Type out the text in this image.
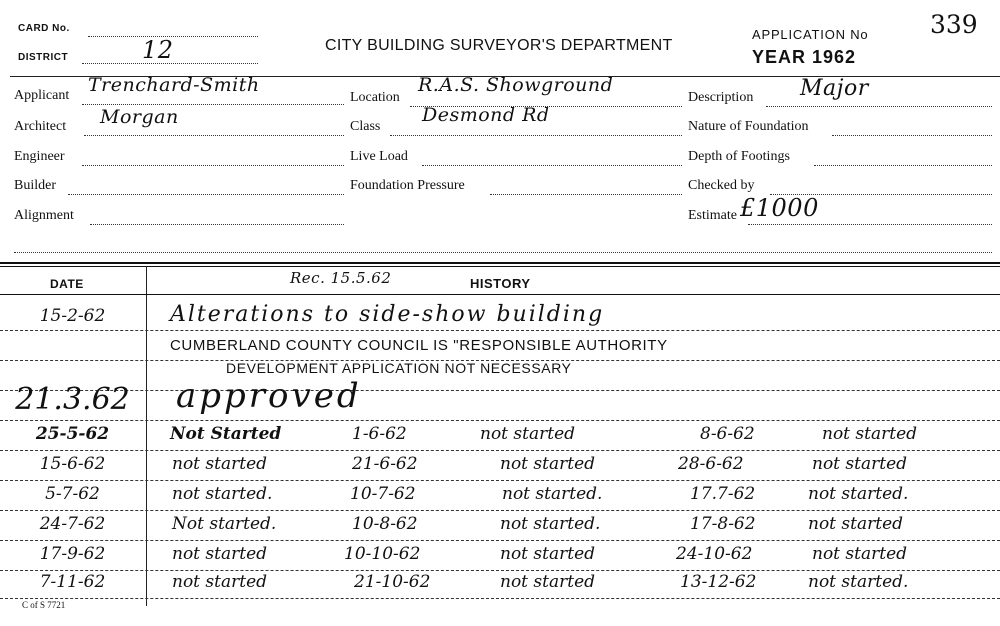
CARD No.
DISTRICT	12	CITY BUILDING SURVEYOR'S DEPARTMENT
APPLICATION No
YEAR 1962
339
Applicant Trenchard-Smith
Architect Morgan
Engineer
Builder
Alignment
Location
R.A.S. Showground
Class
Desmond Rd
Live Load
Foundation Pressure
Description Major
Nature of Foundation
Depth of Footings
Checked by
Estimate £1000
DATE	Rec. 15.5.62	HISTORY
15-2-62	Alterations to side-show building
CUMBERLAND COUNTY COUNCIL IS "RESPONSIBLE AUTHORITY
DEVELOPMENT APPLICATION NOT NECESSARY
21.3.62	approved
25-5-62	Not Started	1-6-62	not started	8-6-62	not started
15-6-62	not started	21-6-62	not started	28-6-62	not started
5-7-62	not started.	10-7-62	not started.	17.7-62	not started.
24-7-62	Not started.	10-8-62	not started.	17-8-62	not started
17-9-62	not started	10-10-62	not started	24-10-62	not started
7-11-62	not started	21-10-62	not started	13-12-62	not started.
C of S 7721
